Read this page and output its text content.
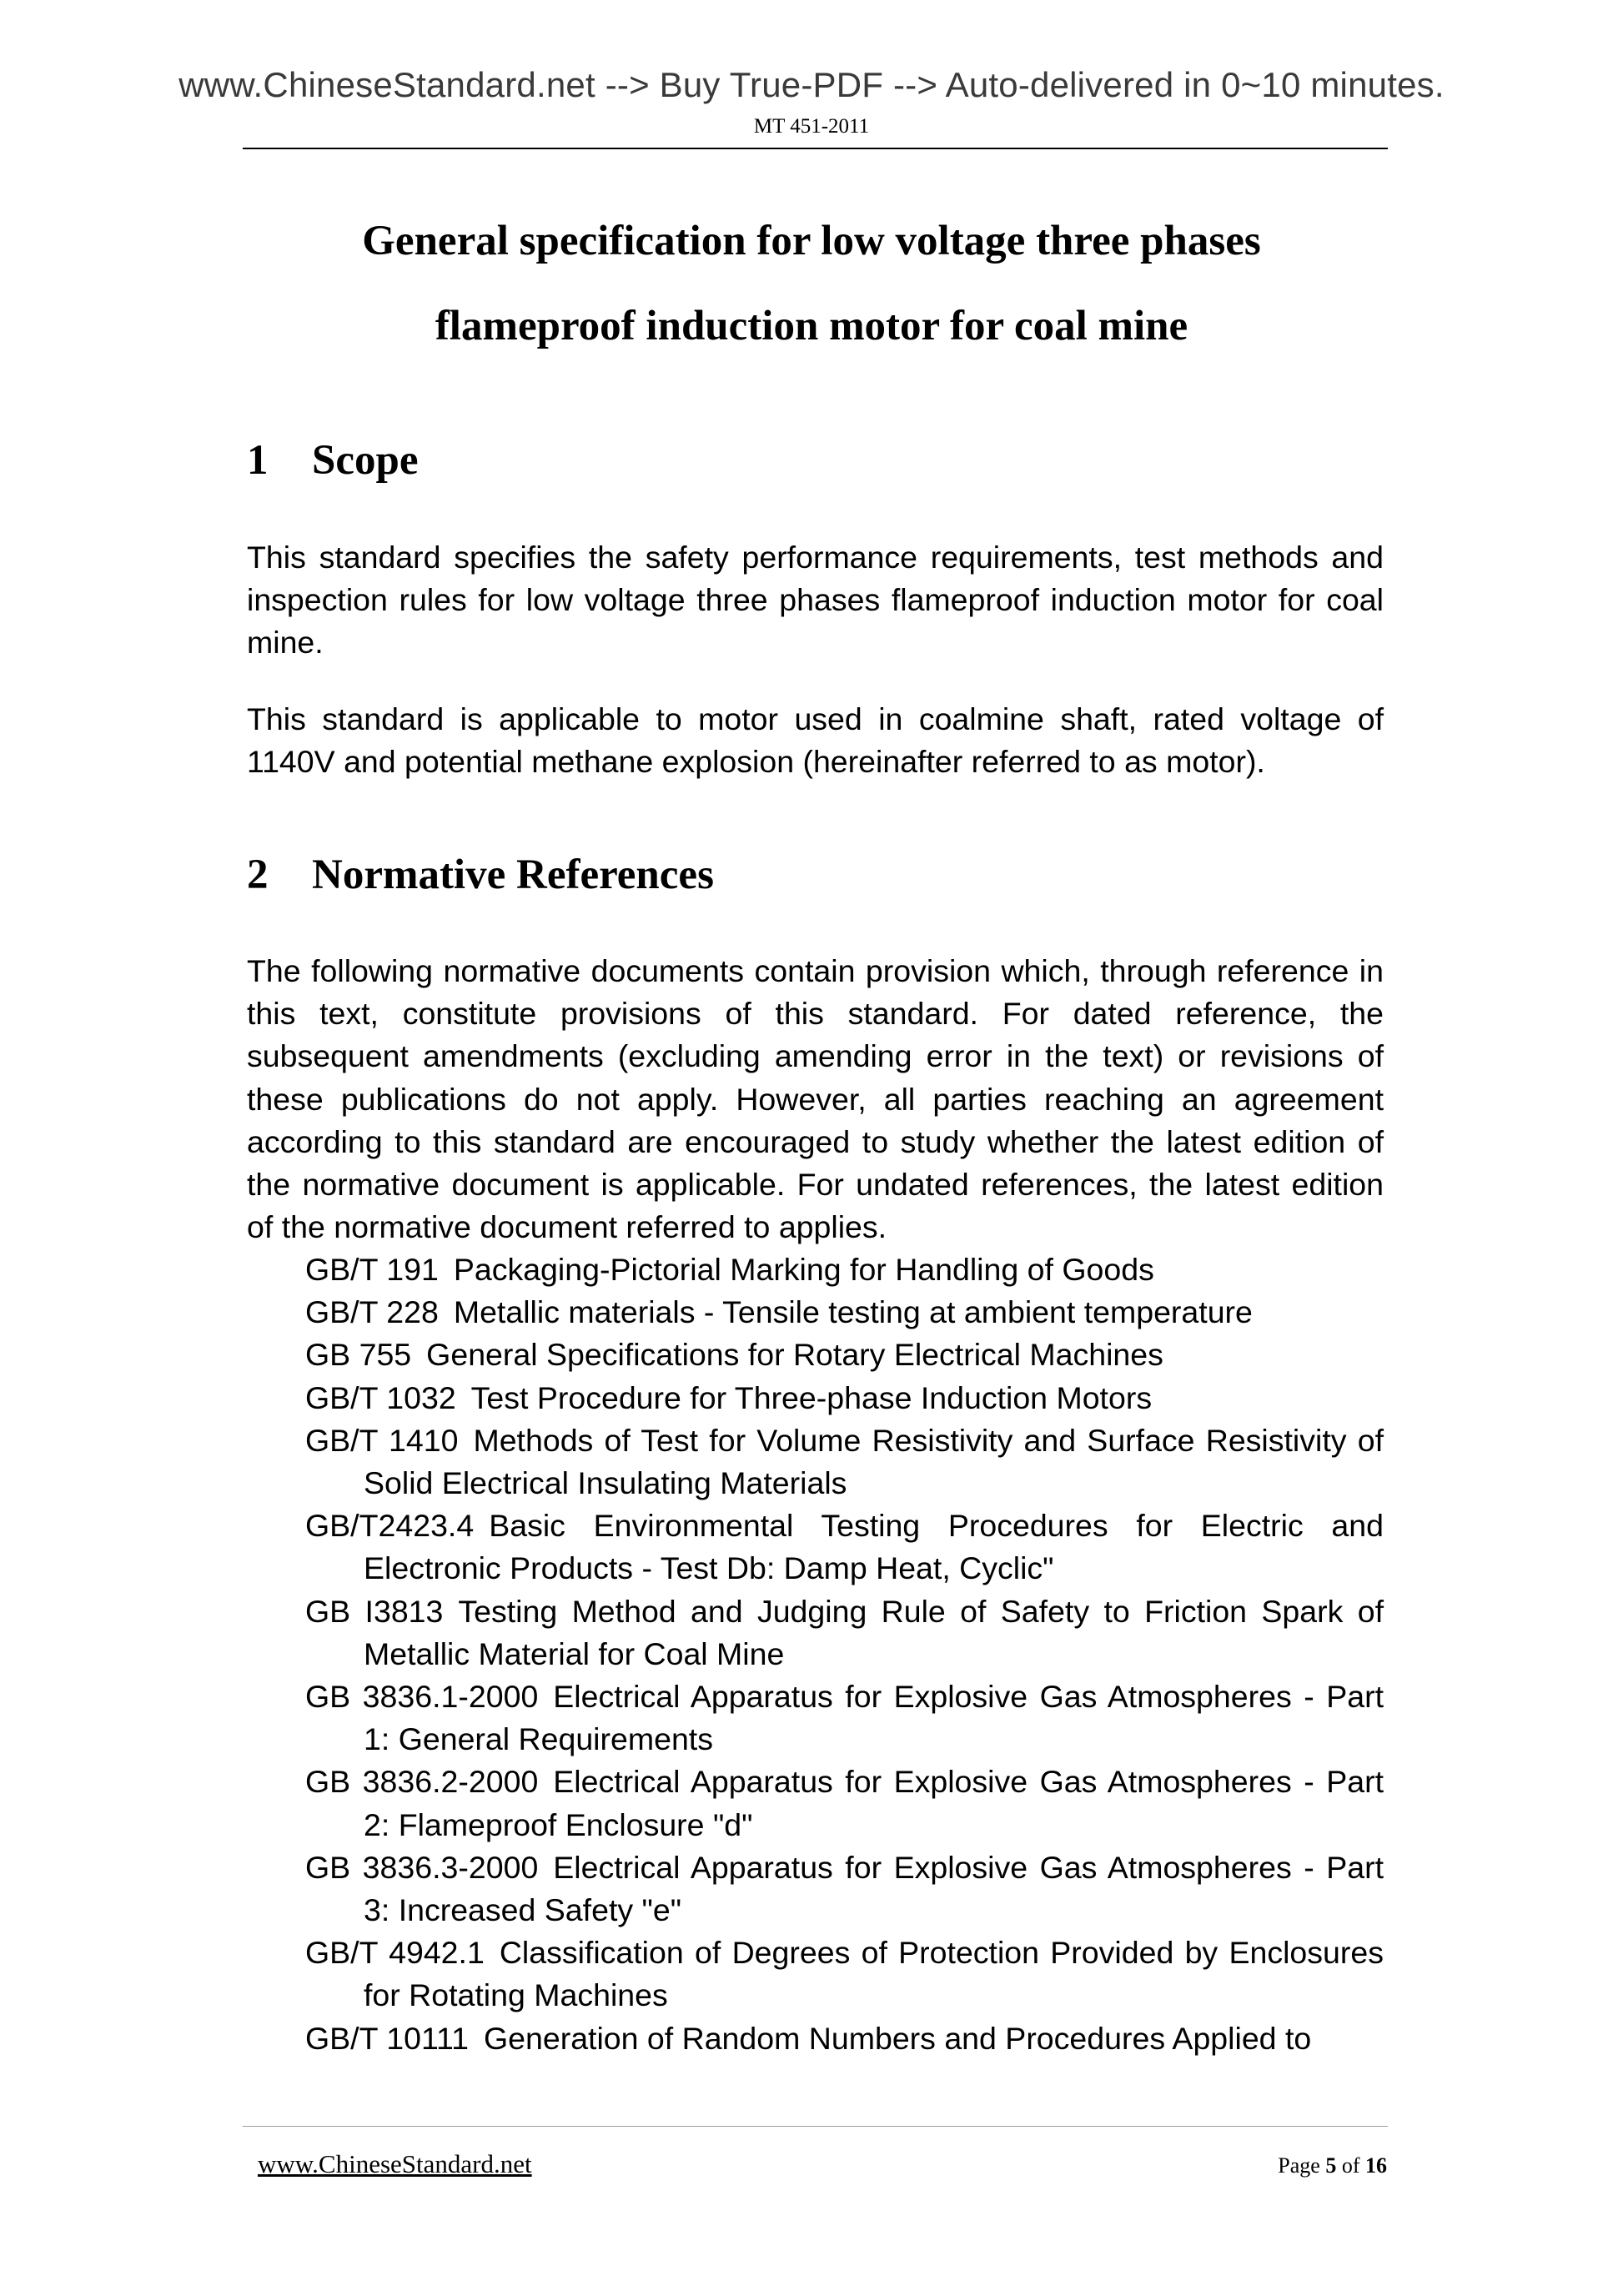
www.ChineseStandard.net --> Buy True-PDF --> Auto-delivered in 0~10 minutes.
MT 451-2011
General specification for low voltage three phases
flameproof induction motor for coal mine
1 Scope

This standard specifies the safety performance requirements, test methods and inspection rules for low voltage three phases flameproof induction motor for coal mine.

This standard is applicable to motor used in coalmine shaft, rated voltage of 1140V and potential methane explosion (hereinafter referred to as motor).

2 Normative References

The following normative documents contain provision which, through reference in this text, constitute provisions of this standard. For dated reference, the subsequent amendments (excluding amending error in the text) or revisions of these publications do not apply. However, all parties reaching an agreement according to this standard are encouraged to study whether the latest edition of the normative document is applicable. For undated references, the latest edition of the normative document referred to applies.

GB/T 191 Packaging-Pictorial Marking for Handling of Goods

GB/T 228 Metallic materials - Tensile testing at ambient temperature

GB 755 General Specifications for Rotary Electrical Machines

GB/T 1032 Test Procedure for Three-phase Induction Motors

GB/T 1410 Methods of Test for Volume Resistivity and Surface Resistivity of Solid Electrical Insulating Materials

GB/T2423.4 Basic Environmental Testing Procedures for Electric and Electronic Products - Test Db: Damp Heat, Cyclic"

GB I3813 Testing Method and Judging Rule of Safety to Friction Spark of Metallic Material for Coal Mine

GB 3836.1-2000 Electrical Apparatus for Explosive Gas Atmospheres - Part 1: General Requirements

GB 3836.2-2000 Electrical Apparatus for Explosive Gas Atmospheres - Part 2: Flameproof Enclosure "d"

GB 3836.3-2000 Electrical Apparatus for Explosive Gas Atmospheres - Part 3: Increased Safety "e"

GB/T 4942.1 Classification of Degrees of Protection Provided by Enclosures for Rotating Machines

GB/T 10111 Generation of Random Numbers and Procedures Applied to

www.ChineseStandard.net	Page 5 of 16
